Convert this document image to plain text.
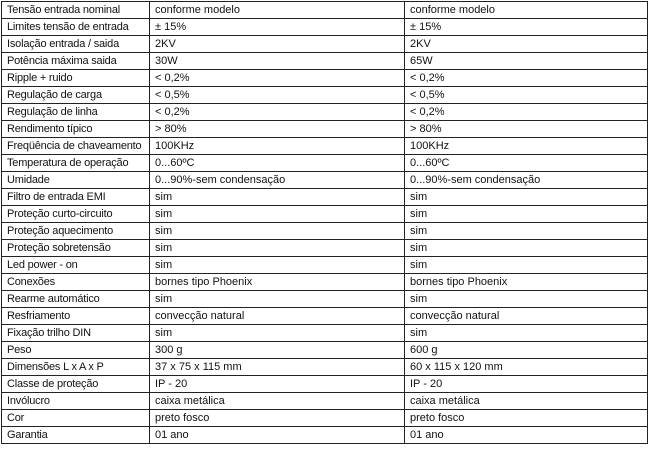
Tensão entrada nominal	conforme modelo	conforme modelo
Limites tensão de entrada	± 15%	± 15%
Isolação entrada / saida	2KV	2KV
Potência máxima saida	30W	65W
Ripple + ruido	< 0,2%	< 0,2%
Regulação de carga	< 0,5%	< 0,5%
Regulação de linha	< 0,2%	< 0,2%
Rendimento típico	> 80%	> 80%
Freqüência de chaveamento	100KHz	100KHz
Temperatura de operação	0...60ºC	0...60ºC
Umidade	0...90%-sem condensação	0...90%-sem condensação
Filtro de entrada EMI	sim	sim
Proteção curto-circuito	sim	sim
Proteção aquecimento	sim	sim
Proteção sobretensão	sim	sim
Led power - on	sim	sim
Conexões	bornes tipo Phoenix	bornes tipo Phoenix
Rearme automático	sim	sim
Resfriamento	convecção natural	convecção natural
Fixação trilho DIN	sim	sim
Peso	300 g	600 g
Dimensões L x A x P	37 x 75 x 115 mm	60 x 115 x 120 mm
Classe de proteção	IP - 20	IP - 20
Invólucro	caixa metálica	caixa metálica
Cor	preto fosco	preto fosco
Garantia	01 ano	01 ano
